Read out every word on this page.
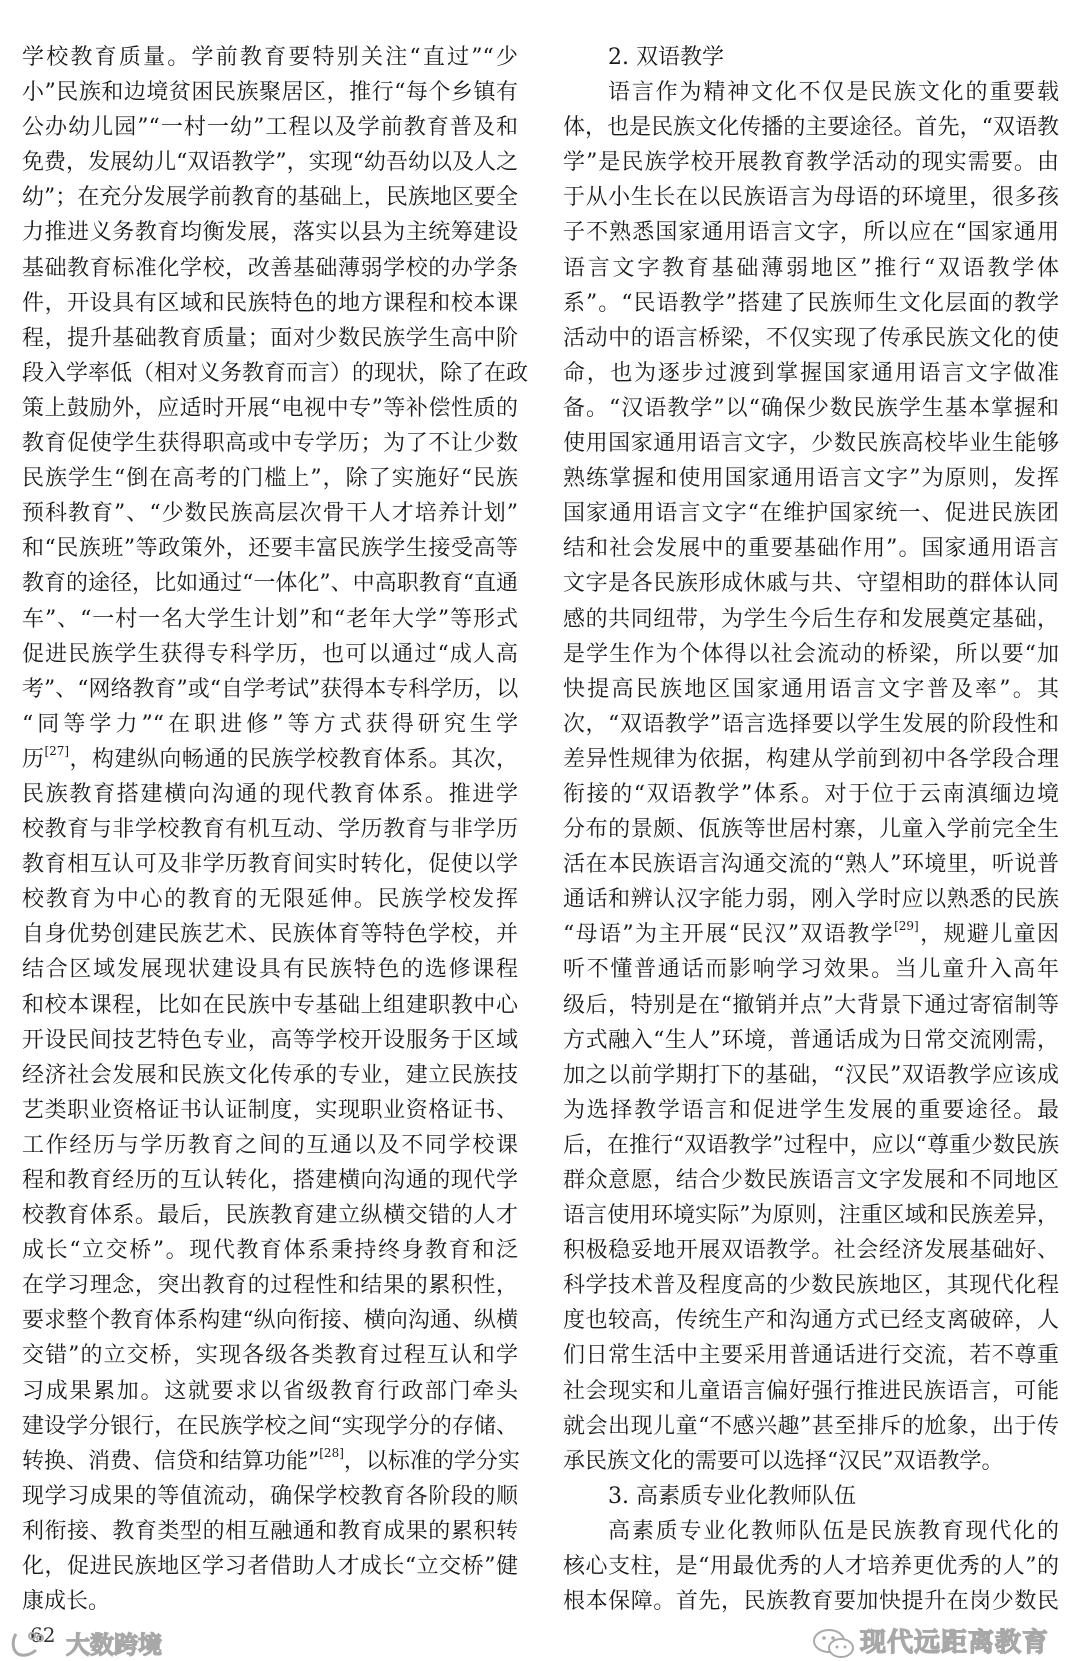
学校教育质量。学前教育要特别关注“直过”“少
小”民族和边境贫困民族聚居区，推行“每个乡镇有
公办幼儿园”“一村一幼”工程以及学前教育普及和
免费，发展幼儿“双语教学”，实现“幼吾幼以及人之
幼”；在充分发展学前教育的基础上，民族地区要全
力推进义务教育均衡发展，落实以县为主统筹建设
基础教育标准化学校，改善基础薄弱学校的办学条
件，开设具有区域和民族特色的地方课程和校本课
程，提升基础教育质量；面对少数民族学生高中阶
段入学率低（相对义务教育而言）的现状，除了在政
策上鼓励外，应适时开展“电视中专”等补偿性质的
教育促使学生获得职高或中专学历；为了不让少数
民族学生“倒在高考的门槛上”，除了实施好“民族
预科教育”、“少数民族高层次骨干人才培养计划”
和“民族班”等政策外，还要丰富民族学生接受高等
教育的途径，比如通过“一体化”、中高职教育“直通
车”、“一村一名大学生计划”和“老年大学”等形式
促进民族学生获得专科学历，也可以通过“成人高
考”、“网络教育”或“自学考试”获得本专科学历，以
“同等学力”“在职进修”等方式获得研究生学
历[27]，构建纵向畅通的民族学校教育体系。其次，
民族教育搭建横向沟通的现代教育体系。推进学
校教育与非学校教育有机互动、学历教育与非学历
教育相互认可及非学历教育间实时转化，促使以学
校教育为中心的教育的无限延伸。民族学校发挥
自身优势创建民族艺术、民族体育等特色学校，并
结合区域发展现状建设具有民族特色的选修课程
和校本课程，比如在民族中专基础上组建职教中心
开设民间技艺特色专业，高等学校开设服务于区域
经济社会发展和民族文化传承的专业，建立民族技
艺类职业资格证书认证制度，实现职业资格证书、
工作经历与学历教育之间的互通以及不同学校课
程和教育经历的互认转化，搭建横向沟通的现代学
校教育体系。最后，民族教育建立纵横交错的人才
成长“立交桥”。现代教育体系秉持终身教育和泛
在学习理念，突出教育的过程性和结果的累积性，
要求整个教育体系构建“纵向衔接、横向沟通、纵横
交错”的立交桥，实现各级各类教育过程互认和学
习成果累加。这就要求以省级教育行政部门牵头
建设学分银行，在民族学校之间“实现学分的存储、
转换、消费、信贷和结算功能”[28]，以标准的学分实
现学习成果的等值流动，确保学校教育各阶段的顺
利衔接、教育类型的相互融通和教育成果的累积转
化，促进民族地区学习者借助人才成长“立交桥”健
康成长。
2. 双语教学
语言作为精神文化不仅是民族文化的重要载
体，也是民族文化传播的主要途径。首先，“双语教
学”是民族学校开展教育教学活动的现实需要。由
于从小生长在以民族语言为母语的环境里，很多孩
子不熟悉国家通用语言文字，所以应在“国家通用
语言文字教育基础薄弱地区”推行“双语教学体
系”。“民语教学”搭建了民族师生文化层面的教学
活动中的语言桥梁，不仅实现了传承民族文化的使
命，也为逐步过渡到掌握国家通用语言文字做准
备。“汉语教学”以“确保少数民族学生基本掌握和
使用国家通用语言文字，少数民族高校毕业生能够
熟练掌握和使用国家通用语言文字”为原则，发挥
国家通用语言文字“在维护国家统一、促进民族团
结和社会发展中的重要基础作用”。国家通用语言
文字是各民族形成休戚与共、守望相助的群体认同
感的共同纽带，为学生今后生存和发展奠定基础，
是学生作为个体得以社会流动的桥梁，所以要“加
快提高民族地区国家通用语言文字普及率”。其
次，“双语教学”语言选择要以学生发展的阶段性和
差异性规律为依据，构建从学前到初中各学段合理
衔接的“双语教学”体系。对于位于云南滇缅边境
分布的景颇、佤族等世居村寨，儿童入学前完全生
活在本民族语言沟通交流的“熟人”环境里，听说普
通话和辨认汉字能力弱，刚入学时应以熟悉的民族
“母语”为主开展“民汉”双语教学[29]，规避儿童因
听不懂普通话而影响学习效果。当儿童升入高年
级后，特别是在“撤销并点”大背景下通过寄宿制等
方式融入“生人”环境，普通话成为日常交流刚需，
加之以前学期打下的基础，“汉民”双语教学应该成
为选择教学语言和促进学生发展的重要途径。最
后，在推行“双语教学”过程中，应以“尊重少数民族
群众意愿，结合少数民族语言文字发展和不同地区
语言使用环境实际”为原则，注重区域和民族差异，
积极稳妥地开展双语教学。社会经济发展基础好、
科学技术普及程度高的少数民族地区，其现代化程
度也较高，传统生产和沟通方式已经支离破碎，人
们日常生活中主要采用普通话进行交流，若不尊重
社会现实和儿童语言偏好强行推进民族语言，可能
就会出现儿童“不感兴趣”甚至排斥的尬象，出于传
承民族文化的需要可以选择“汉民”双语教学。
3. 高素质专业化教师队伍
高素质专业化教师队伍是民族教育现代化的
核心支柱，是“用最优秀的人才培养更优秀的人”的
根本保障。首先，民族教育要加快提升在岗少数民
62 大数跨境	现代远距离教育
